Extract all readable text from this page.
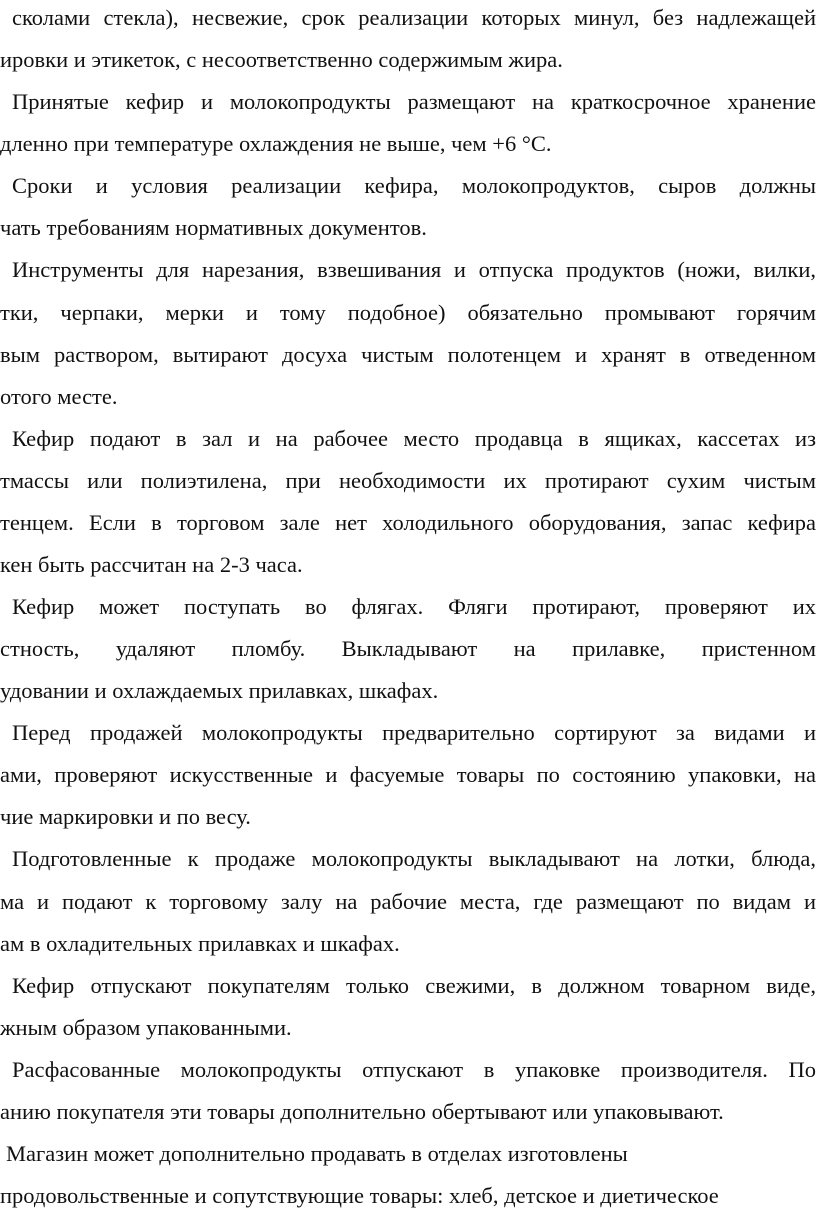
сколами стекла), несвежие, срок реализации которых минул, без надлежащей
ировки и этикеток, с несоответственно содержимым жира.
Принятые кефир и молокопродукты размещают на краткосрочное хранение
дленно при температуре охлаждения не выше, чем +6 °С.
Сроки и условия реализации кефира, молокопродуктов, сыров должны
чать требованиям нормативных документов.
Инструменты для нарезания, взвешивания и отпуска продуктов (ножи, вилки,
тки, черпаки, мерки и тому подобное) обязательно промывают горячим
вым раствором, вытирают досуха чистым полотенцем и хранят в отведенном
отого месте.
Кефир подают в зал и на рабочее место продавца в ящиках, кассетах из
тмассы или полиэтилена, при необходимости их протирают сухим чистым
тенцем. Если в торговом зале нет холодильного оборудования, запас кефира
кен быть рассчитан на 2-3 часа.
Кефир может поступать во флягах. Фляги протирают, проверяют их
стность, удаляют пломбу. Выкладывают на прилавке, пристенном
удовании и охлаждаемых прилавках, шкафах.
Перед продажей молокопродукты предварительно сортируют за видами и
ами, проверяют искусственные и фасуемые товары по состоянию упаковки, на
чие маркировки и по весу.
Подготовленные к продаже молокопродукты выкладывают на лотки, блюда,
ма и подают к торговому залу на рабочие места, где размещают по видам и
ам в охладительных прилавках и шкафах.
Кефир отпускают покупателям только свежими, в должном товарном виде,
жным образом упакованными.
Расфасованные молокопродукты отпускают в упаковке производителя. По
анию покупателя эти товары дополнительно обертывают или упаковывают.
Магазин может дополнительно продавать в отделах изготовлены
продовольственные и сопутствующие товары: хлеб, детское и диетическое
